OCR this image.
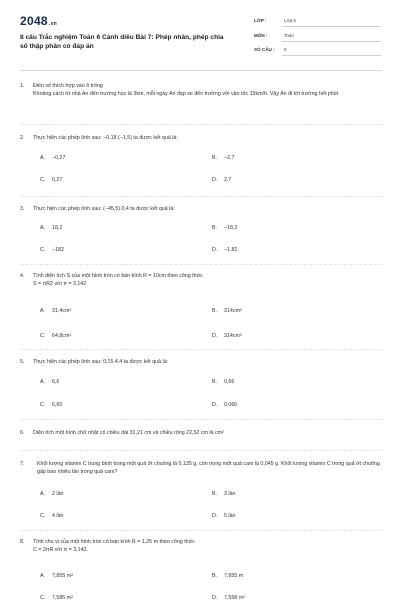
2048.vn
8 câu Trắc nghiệm Toán 6 Cánh diều Bài 7: Phép nhân, phép chia số thập phân có đáp án
LỚP :	Lớp 6
MÔN :	Toán
SỐ CÂU : 8
1. Điền số thích hợp vào ô trống
Khoảng cách từ nhà An đến trường học là 3km, mỗi ngày An đạp xe đến trường với vận tốc 15km/h. Vậy An đi tới trường hết phút
2. Thực hiện các phép tính sau: −0,18.(−1,5) ta được kết quả là:
A. −0,27	B. −2,7
C. 0,27	D. 2,7
3. Thực hiện các phép tính sau: (−45,5).0,4 ta được kết quả là:
A. 18,2	B. −18,2
C. −182	D. −1,82
4. Tính diện tích S của một hình tròn có bán kính R = 10cm theo công thức
S = πR2 với π = 3,142
A. $31,4cm^2$	B. $314cm^2$
C. $64,8cm^2$	D. $314cm^2$
5. Thực hiện các phép tính sau: 0,15.4,4 ta được kết quả là:
A. 6,6	B. 0,66
C. 6,60	D. 0,066
6. Diện tích một hình chữ nhật có chiều dài 31,21 cm và chiều rộng 22,52 cm là $cm^2$
7.	Khối lượng vitamin C trung bình trong một quả ớt chuông là 0,135 g, còn trong một quả cam là 0,045 g. Khối lượng vitamin C trong quả ớt chuông gấp bao nhiêu lần trong quả cam?
A. 2 lần	B. 3 lần
C. 4 lần	D. 5 lần
8. Tính chu vi của một hình tròn có bán kính R = 1,25 m theo công thức
C = 2πR với π = 3,142.
A. 7,855 $m^2$	B. 7,855 m
C. 7,585 $m^2$	D. 7,558 $m^2$
